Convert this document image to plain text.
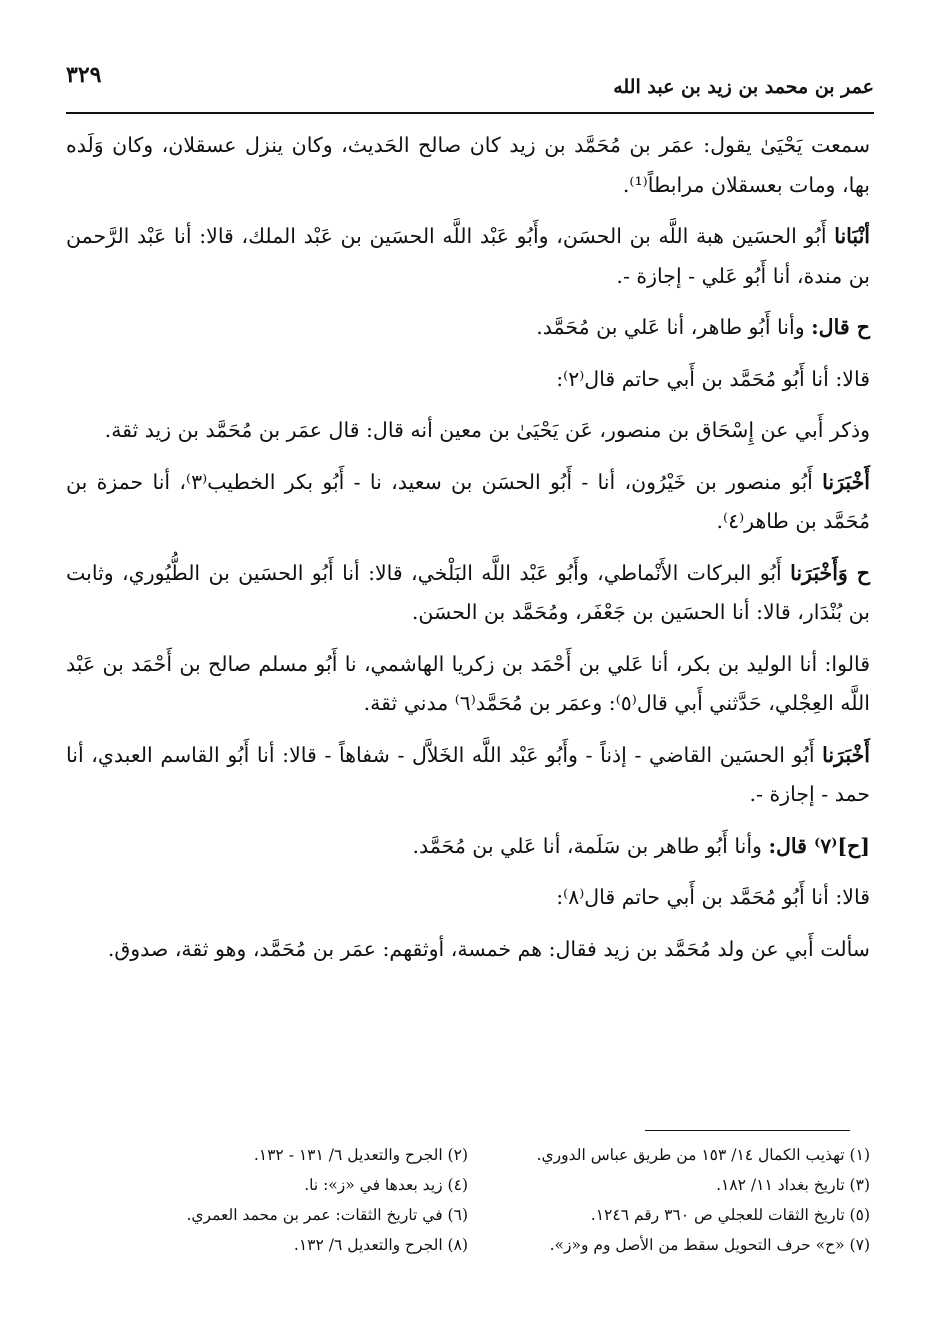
عمر بن محمد بن زيد بن عبد الله
٣٢٩

سمعت يَحْيَىٰ يقول: عمَر بن مُحَمَّد بن زيد كان صالح الحَديث، وكان ينزل عسقلان، وكان وَلَده بها، ومات بعسقلان مرابطاً⁽¹⁾.

أنْبَانا أَبُو الحسَين هبة اللَّه بن الحسَن، وأَبُو عَبْد اللَّه الحسَين بن عَبْد الملك، قالا: أنا عَبْد الرَّحمن بن مندة، أنا أَبُو عَلي - إجازة -.

ح قال: وأنا أَبُو طاهر، أنا عَلي بن مُحَمَّد.

قالا: أنا أَبُو مُحَمَّد بن أَبي حاتم قال⁽٢⁾:

وذكر أَبي عن إِسْحَاق بن منصور، عَن يَحْيَىٰ بن معين أنه قال: قال عمَر بن مُحَمَّد بن زيد ثقة.

أَخْبَرَنا أَبُو منصور بن خَيْرُون، أنا - أَبُو الحسَن بن سعيد، نا - أَبُو بكر الخطيب⁽٣⁾، أنا حمزة بن مُحَمَّد بن طاهر⁽٤⁾.

ح وَأَخْبَرَنا أَبُو البركات الأَنْماطي، وأَبُو عَبْد اللَّه البَلْخي، قالا: أنا أَبُو الحسَين بن الطُّيُوري، وثابت بن بُنْدَار، قالا: أنا الحسَين بن جَعْفَر، ومُحَمَّد بن الحسَن.

قالوا: أنا الوليد بن بكر، أنا عَلي بن أَحْمَد بن زكريا الهاشمي، نا أَبُو مسلم صالح بن أَحْمَد بن عَبْد اللَّه العِجْلي، حَدَّثني أَبي قال⁽٥⁾: وعمَر بن مُحَمَّد⁽٦⁾ مدني ثقة.

أَخْبَرَنا أَبُو الحسَين القاضي - إذناً - وأَبُو عَبْد اللَّه الخَلاَّل - شفاهاً - قالا: أنا أَبُو القاسم العبدي، أنا حمد - إجازة -.

[ح]⁽٧⁾ قال: وأنا أَبُو طاهر بن سَلَمة، أنا عَلي بن مُحَمَّد.

قالا: أنا أَبُو مُحَمَّد بن أَبي حاتم قال⁽٨⁾:

سألت أَبي عن ولد مُحَمَّد بن زيد فقال: هم خمسة، أوثقهم: عمَر بن مُحَمَّد، وهو ثقة، صدوق.

(١) تهذيب الكمال ١٤/ ١٥٣ من طريق عباس الدوري.
(٢) الجرح والتعديل ٦/ ١٣١ - ١٣٢.
(٣) تاريخ بغداد ١١/ ١٨٢.
(٤) زيد بعدها في «ز»: نا.
(٥) تاريخ الثقات للعجلي ص ٣٦٠ رقم ١٢٤٦.
(٦) في تاريخ الثقات: عمر بن محمد العمري.
(٧) «ح» حرف التحويل سقط من الأصل وم و«ز».
(٨) الجرح والتعديل ٦/ ١٣٢.
